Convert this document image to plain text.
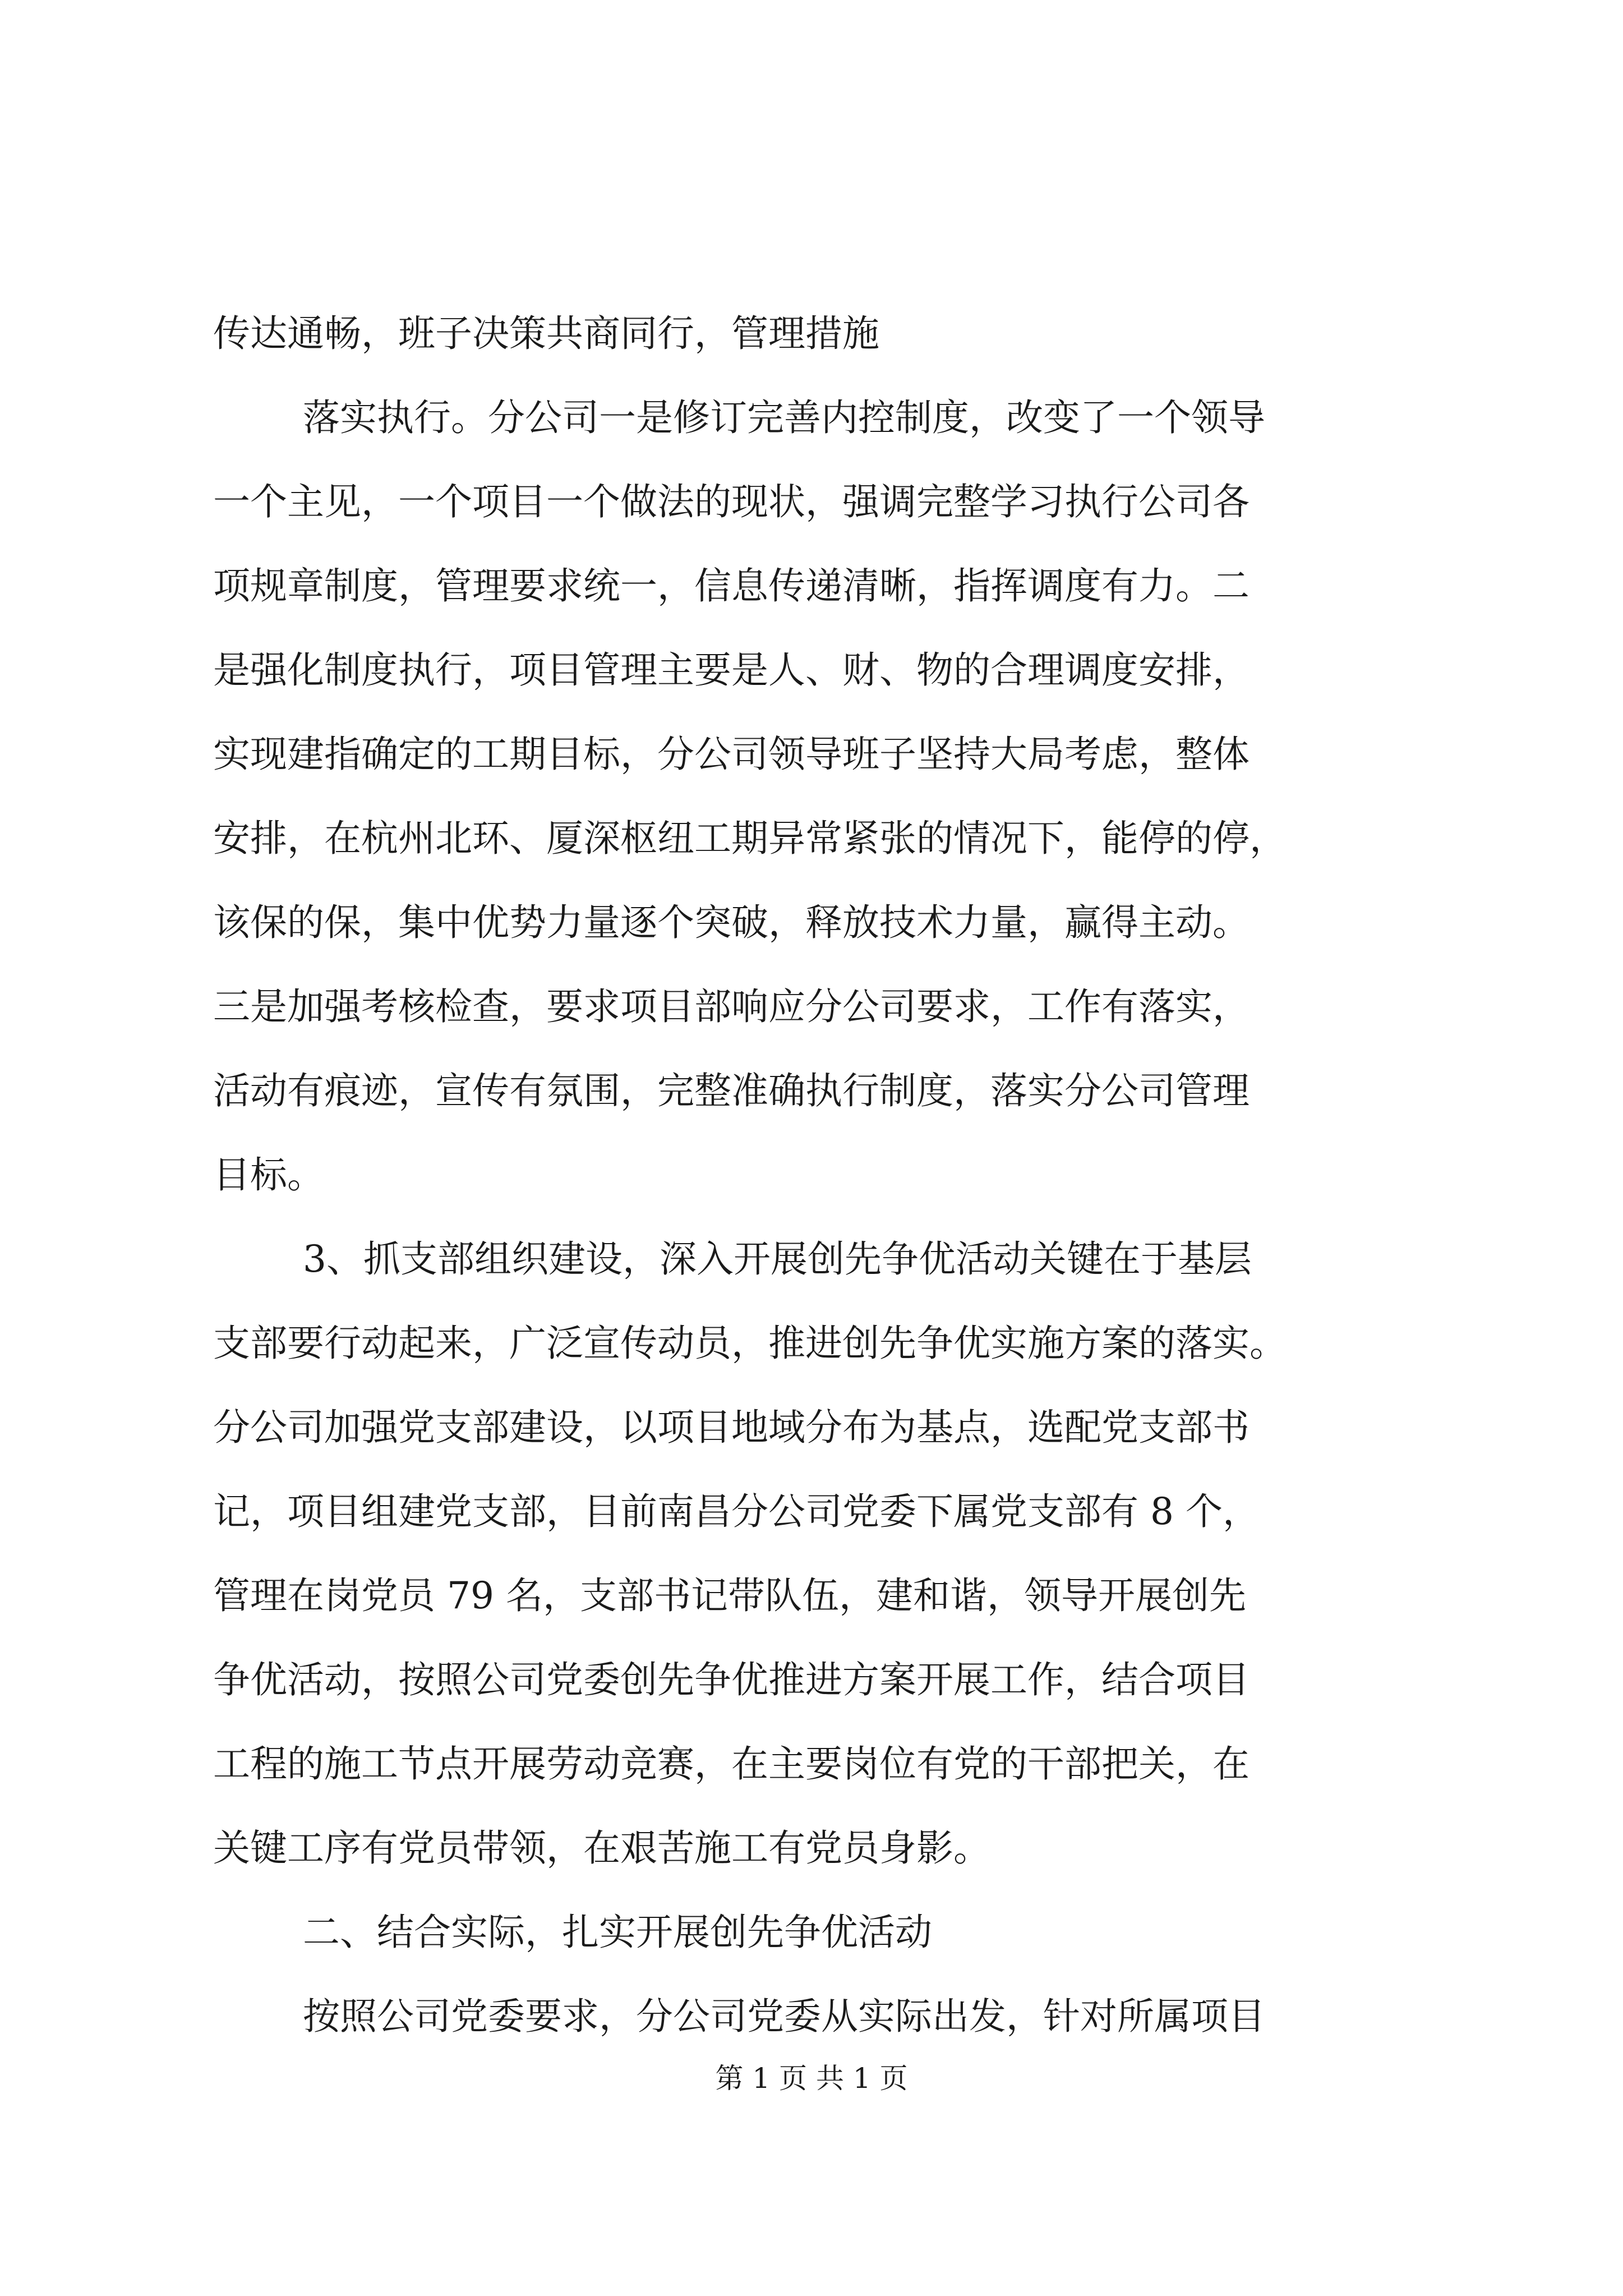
传达通畅，班子决策共商同行，管理措施
落实执行。分公司一是修订完善内控制度，改变了一个领导
一个主见，一个项目一个做法的现状，强调完整学习执行公司各
项规章制度，管理要求统一，信息传递清晰，指挥调度有力。二
是强化制度执行，项目管理主要是人、财、物的合理调度安排，
实现建指确定的工期目标，分公司领导班子坚持大局考虑，整体
安排，在杭州北环、厦深枢纽工期异常紧张的情况下，能停的停，
该保的保，集中优势力量逐个突破，释放技术力量，赢得主动。
三是加强考核检查，要求项目部响应分公司要求，工作有落实，
活动有痕迹，宣传有氛围，完整准确执行制度，落实分公司管理
目标。
3、抓支部组织建设，深入开展创先争优活动关键在于基层
支部要行动起来，广泛宣传动员，推进创先争优实施方案的落实。
分公司加强党支部建设，以项目地域分布为基点，选配党支部书
记，项目组建党支部，目前南昌分公司党委下属党支部有 8 个，
管理在岗党员 79 名，支部书记带队伍，建和谐，领导开展创先
争优活动，按照公司党委创先争优推进方案开展工作，结合项目
工程的施工节点开展劳动竞赛，在主要岗位有党的干部把关，在
关键工序有党员带领，在艰苦施工有党员身影。
二、结合实际，扎实开展创先争优活动
按照公司党委要求，分公司党委从实际出发，针对所属项目
第 1 页 共 1 页
